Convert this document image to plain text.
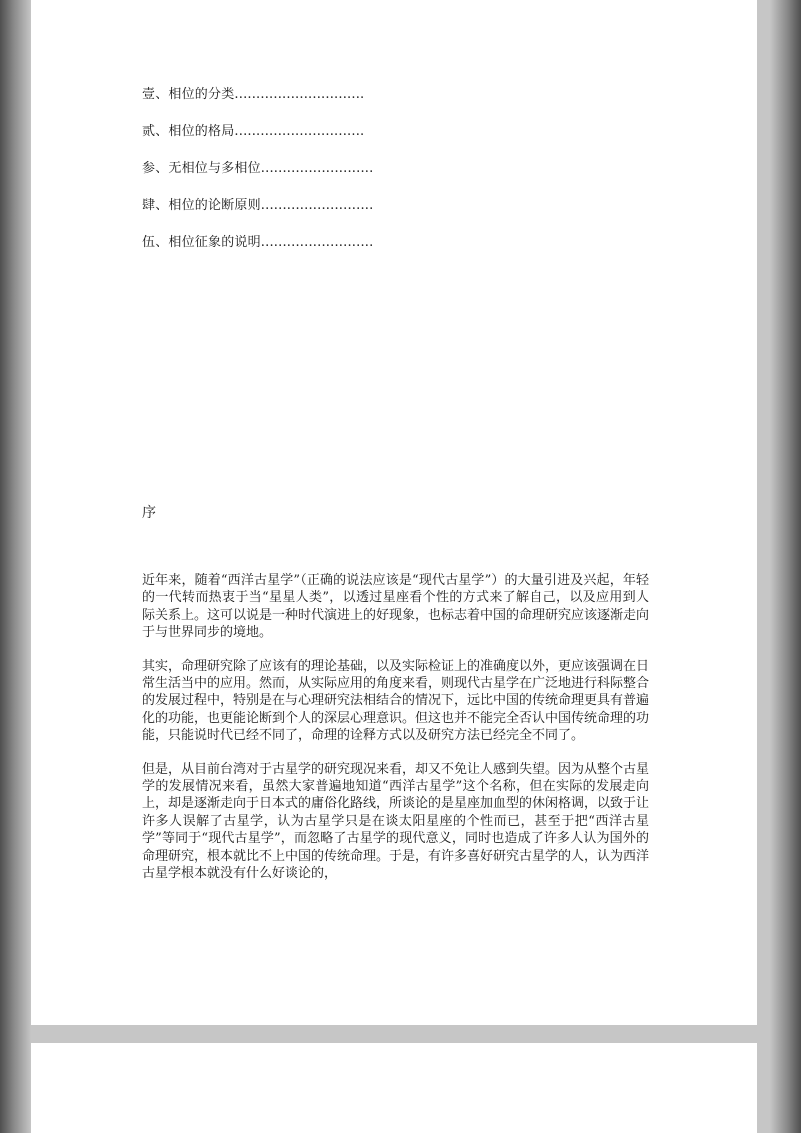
壹、相位的分类..............................
贰、相位的格局..............................
参、无相位与多相位..........................
肆、相位的论断原则..........................
伍、相位征象的说明..........................
序

近年来，随着“西洋古星学”（正确的说法应该是“现代古星学”）的大量引进及兴起，年轻的一代转而热衷于当“星星人类”，以透过星座看个性的方式来了解自己，以及应用到人际关系上。这可以说是一种时代演进上的好现象，也标志着中国的命理研究应该逐渐走向于与世界同步的境地。

其实，命理研究除了应该有的理论基础，以及实际检证上的准确度以外，更应该强调在日常生活当中的应用。然而，从实际应用的角度来看，则现代古星学在广泛地进行科际整合的发展过程中，特别是在与心理研究法相结合的情况下，远比中国的传统命理更具有普遍化的功能，也更能论断到个人的深层心理意识。但这也并不能完全否认中国传统命理的功能，只能说时代已经不同了，命理的诠释方式以及研究方法已经完全不同了。

但是，从目前台湾对于古星学的研究现况来看，却又不免让人感到失望。因为从整个古星学的发展情况来看，虽然大家普遍地知道“西洋古星学”这个名称，但在实际的发展走向上，却是逐渐走向于日本式的庸俗化路线，所谈论的是星座加血型的休闲格调，以致于让许多人误解了古星学，认为古星学只是在谈太阳星座的个性而已，甚至于把“西洋古星学”等同于“现代古星学”，而忽略了古星学的现代意义，同时也造成了许多人认为国外的命理研究，根本就比不上中国的传统命理。于是，有许多喜好研究古星学的人，认为西洋古星学根本就没有什么好谈论的，
